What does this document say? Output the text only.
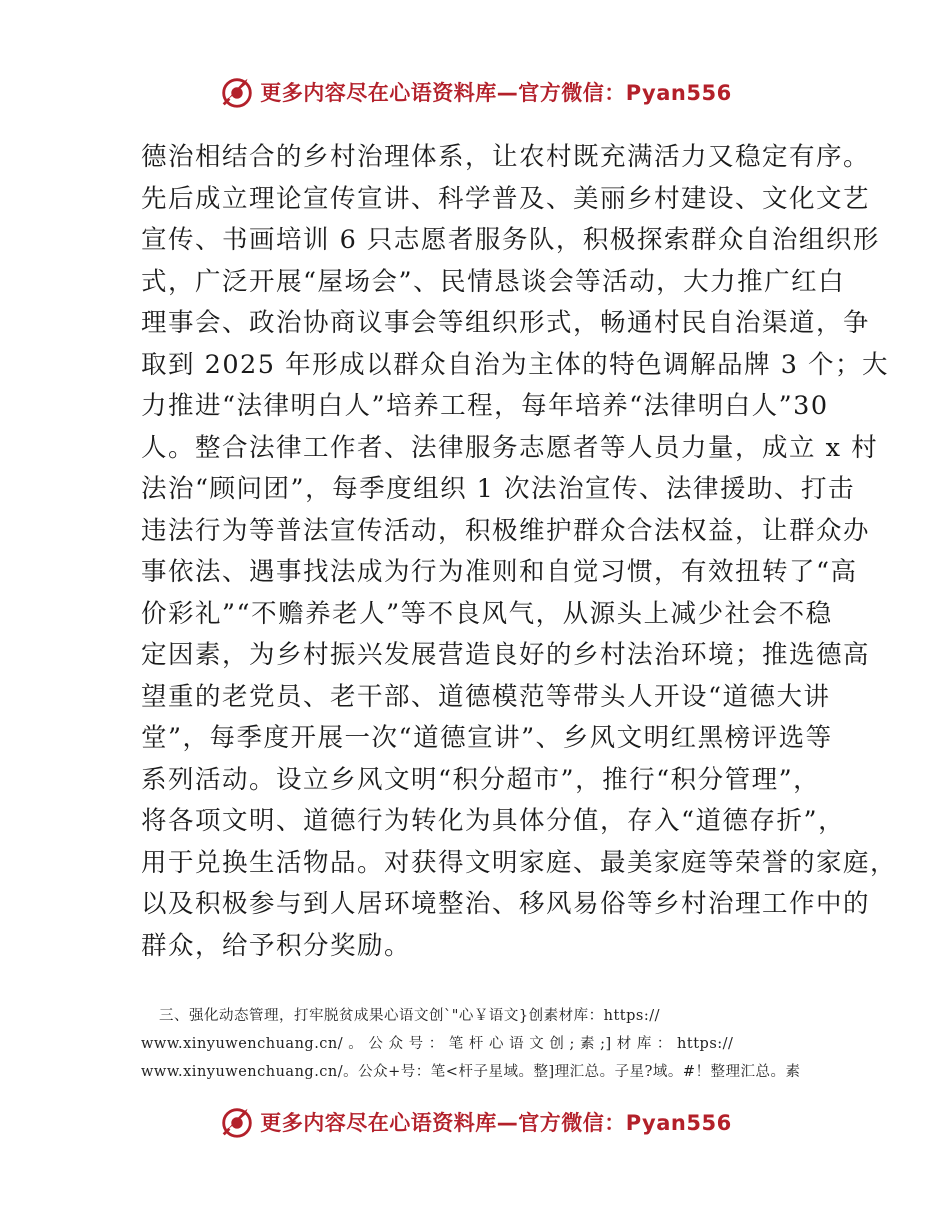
更多内容尽在心语资料库—官方微信：Pyan556
德治相结合的乡村治理体系，让农村既充满活力又稳定有序。
先后成立理论宣传宣讲、科学普及、美丽乡村建设、文化文艺
宣传、书画培训 6 只志愿者服务队，积极探索群众自治组织形
式，广泛开展“屋场会”、民情恳谈会等活动，大力推广红白
理事会、政治协商议事会等组织形式，畅通村民自治渠道，争
取到 2025 年形成以群众自治为主体的特色调解品牌 3 个；大
力推进“法律明白人”培养工程，每年培养“法律明白人”30
人。整合法律工作者、法律服务志愿者等人员力量，成立 x 村
法治“顾问团”，每季度组织 1 次法治宣传、法律援助、打击
违法行为等普法宣传活动，积极维护群众合法权益，让群众办
事依法、遇事找法成为行为准则和自觉习惯，有效扭转了“高
价彩礼”“不赡养老人”等不良风气，从源头上减少社会不稳
定因素，为乡村振兴发展营造良好的乡村法治环境；推选德高
望重的老党员、老干部、道德模范等带头人开设“道德大讲
堂”，每季度开展一次“道德宣讲”、乡风文明红黑榜评选等
系列活动。设立乡风文明“积分超市”，推行“积分管理”，
将各项文明、道德行为转化为具体分值，存入“道德存折”，
用于兑换生活物品。对获得文明家庭、最美家庭等荣誉的家庭，
以及积极参与到人居环境整治、移风易俗等乡村治理工作中的
群众，给予积分奖励。
三、强化动态管理，打牢脱贫成果心语文创`"心￥语文}创素材库：https://
www.xinyuwenchuang.cn/ 。 公 众 号 ： 笔 杆 心 语 文 创 ; 素 ;] 材 库 ： https://
www.xinyuwenchuang.cn/。公众+号：笔<杆子星域。整]理汇总。子星?域。#！整理汇总。素
更多内容尽在心语资料库—官方微信：Pyan556
